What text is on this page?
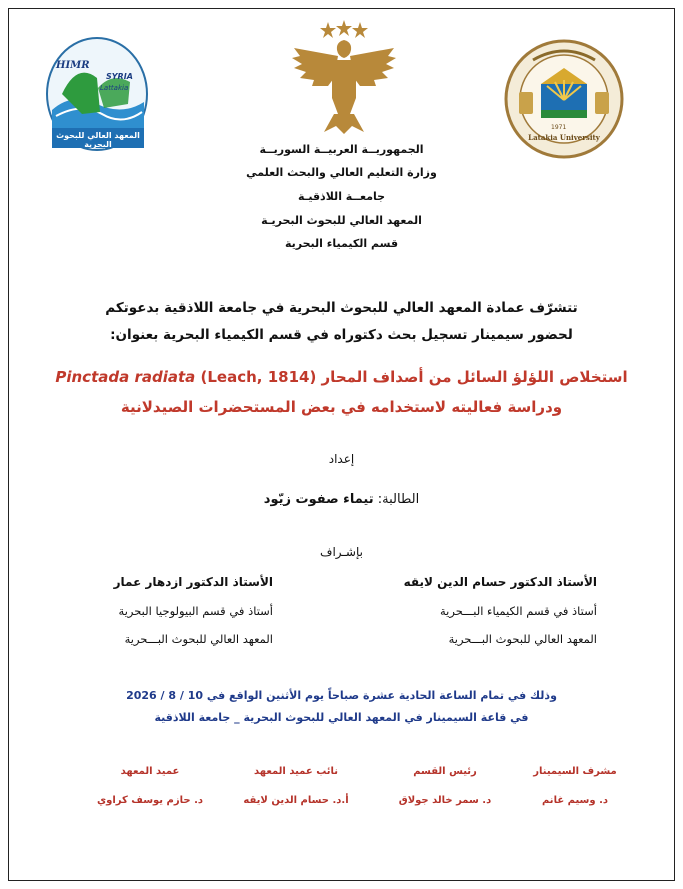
HIMR
SYRIA
Lattakia
المعهد العالي للبحوث البحرية
1971
Latakia University
الجمهوريــة العربيــة السوريــة
وزارة التعليم العالي والبحث العلمي
جامعــة اللاذقيـة
المعهد العالي للبحوث البحريـة
قسم الكيمياء البحرية
تتشرّف عمادة المعهد العالي للبحوث البحرية في جامعة اللاذقية بدعوتكم
لحضور سيمينار تسجيل بحث دكتوراه في قسم الكيمياء البحرية بعنوان:
استخلاص اللؤلؤ السائل من أصداف المحار Pinctada radiata (Leach, 1814)
ودراسة فعاليته لاستخدامه في بعض المستحضرات الصيدلانية
إعداد
الطالبة: تيماء صفوت زيّود
بإشـراف
الأستاذ الدكتور حسام الدين لايقه
أستاذ في قسم الكيمياء البـــحرية
المعهد العالي للبحوث البـــحرية
الأستاذ الدكتور ازدهار عمار
أستاذ في قسم البيولوجيا البحرية
المعهد العالي للبحوث البـــحرية
وذلك في تمام الساعة الحادية عشرة صباحاً يوم الأثنين الواقع في 10 / 8 / 2026
في قاعة السيمينار في المعهد العالي للبحوث البحرية _ جامعة اللاذقية
مشرف السيمينار
د. وسيم غانم
رئيس القسم
د. سمر خالد جولاق
نائب عميد المعهد
أ.د. حسام الدين لايقه
عميد المعهد
د. حازم يوسف كراوي
